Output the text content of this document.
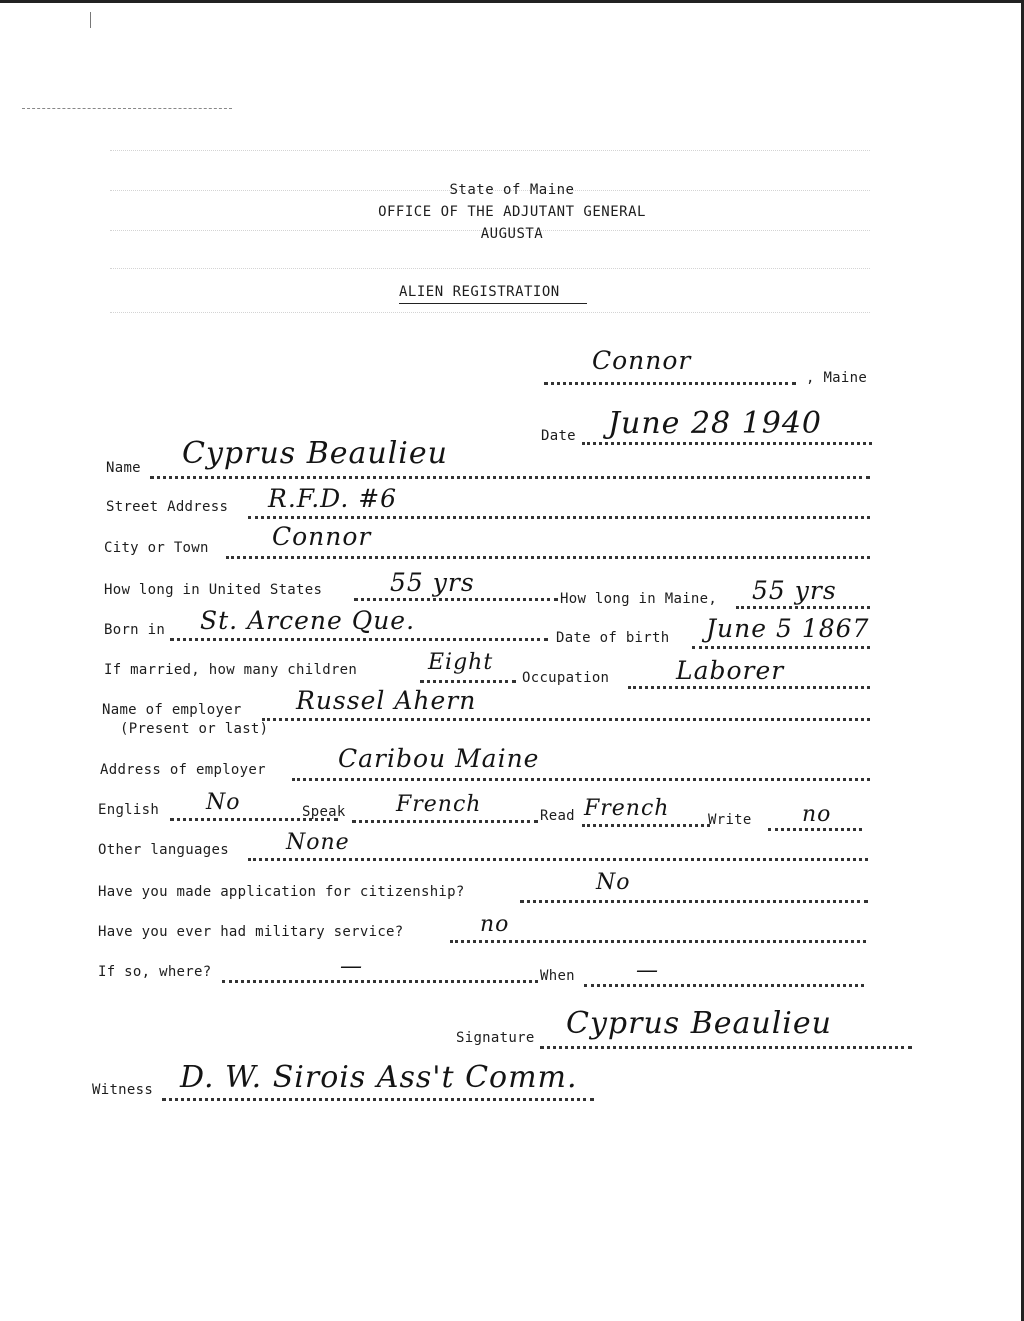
State of Maine
OFFICE OF THE ADJUTANT GENERAL
AUGUSTA
ALIEN REGISTRATION
Connor
, Maine
Date June 28 1940
Name Cyprus Beaulieu
Street Address R.F.D. #6
City or Town	Connor
How long in United States	55 yrs
How long in Maine, 55 yrs
Born in St. Arcene Que.
Date of birth June 5 1867
If married, how many children	Eight
Occupation	Laborer
Name of employer
(Present or last)
Russel Ahern
Address of employer	Caribou Maine
English No	Speak French	Read French	Write no
Other languages	None
Have you made application for citizenship?	No
Have you ever had military service?	no
If so, where?	—	When	—
Signature Cyprus Beaulieu
Witness D. W. Sirois Ass't Comm.
